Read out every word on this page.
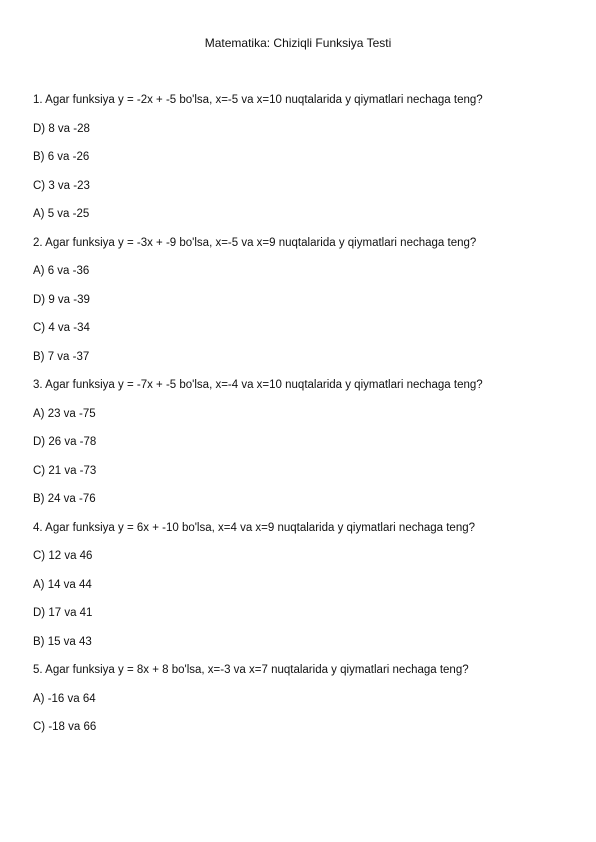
Matematika: Chiziqli Funksiya Testi
1. Agar funksiya y = -2x + -5 bo'lsa, x=-5 va x=10 nuqtalarida y qiymatlari nechaga teng?
D) 8 va -28
B) 6 va -26
C) 3 va -23
A) 5 va -25
2. Agar funksiya y = -3x + -9 bo'lsa, x=-5 va x=9 nuqtalarida y qiymatlari nechaga teng?
A) 6 va -36
D) 9 va -39
C) 4 va -34
B) 7 va -37
3. Agar funksiya y = -7x + -5 bo'lsa, x=-4 va x=10 nuqtalarida y qiymatlari nechaga teng?
A) 23 va -75
D) 26 va -78
C) 21 va -73
B) 24 va -76
4. Agar funksiya y = 6x + -10 bo'lsa, x=4 va x=9 nuqtalarida y qiymatlari nechaga teng?
C) 12 va 46
A) 14 va 44
D) 17 va 41
B) 15 va 43
5. Agar funksiya y = 8x + 8 bo'lsa, x=-3 va x=7 nuqtalarida y qiymatlari nechaga teng?
A) -16 va 64
C) -18 va 66
